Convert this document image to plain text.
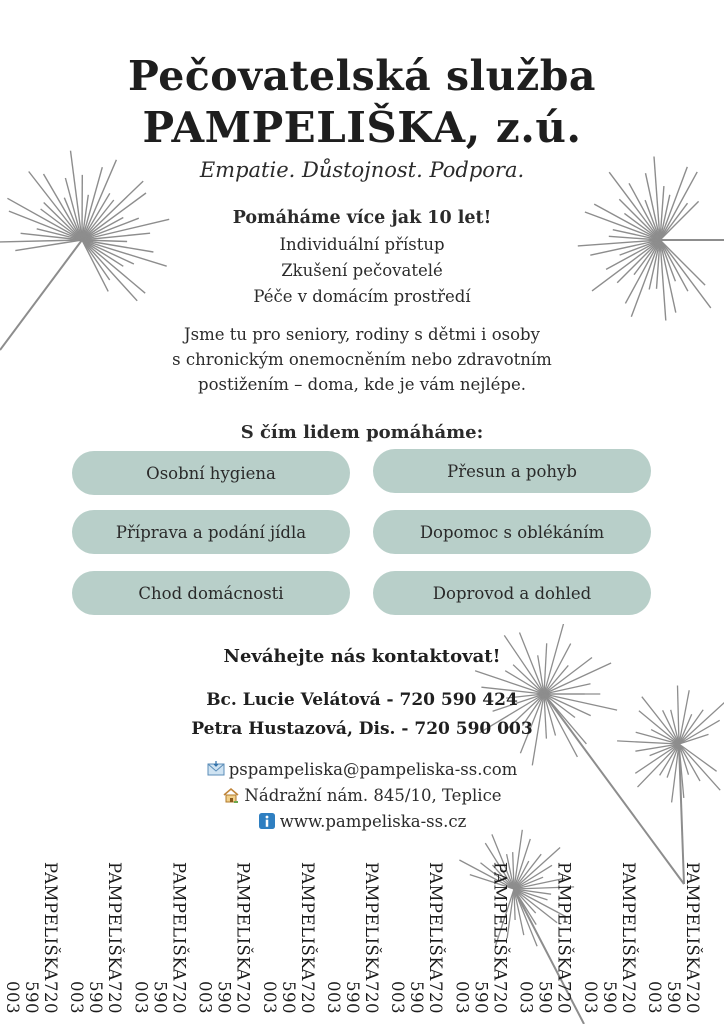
Pečovatelská služba
PAMPELIŠKA, z.ú.
Empatie. Důstojnost. Podpora.
Pomáháme více jak 10 let!
Individuální přístup
Zkušení pečovatelé
Péče v domácím prostředí
Jsme tu pro seniory, rodiny s dětmi i osoby
s chronickým onemocněním nebo zdravotním
postižením – doma, kde je vám nejlépe.
S čím lidem pomáháme:
Osobní hygiena	Přesun a pohyb
Příprava a podání jídla	Dopomoc s oblékáním
Chod domácnosti	Doprovod a dohled
Neváhejte nás kontaktovat!
Bc. Lucie Velátová - 720 590 424
Petra Hustazová, Dis. - 720 590 003
pspampeliska@pampeliska-ss.com
Nádražní nám. 845/10, Teplice
www.pampeliska-ss.cz
PAMPELIŠKA
720 590 003
PAMPELIŠKA
720 590 003
PAMPELIŠKA
720 590 003
PAMPELIŠKA
720 590 003
PAMPELIŠKA
720 590 003
PAMPELIŠKA
720 590 003
PAMPELIŠKA
720 590 003
PAMPELIŠKA
720 590 003
PAMPELIŠKA
720 590 003
PAMPELIŠKA
720 590 003
PAMPELIŠKA
720 590 003
